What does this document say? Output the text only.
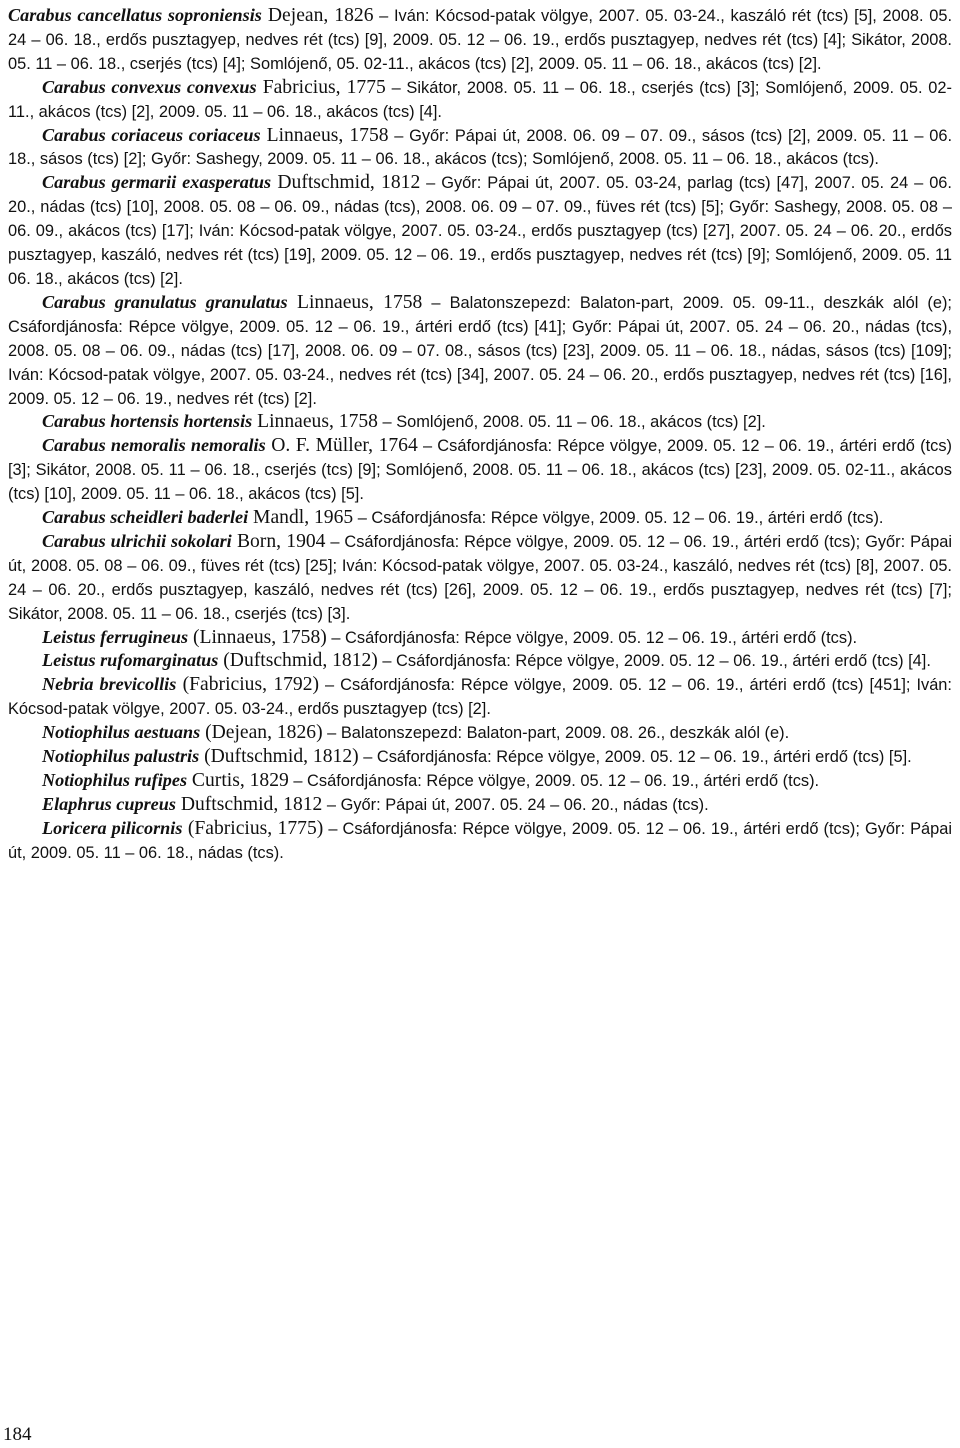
Carabus cancellatus soproniensis Dejean, 1826 – Iván: Kócsod-patak völgye, 2007. 05. 03-24., kaszáló rét (tcs) [5], 2008. 05. 24 – 06. 18., erdős pusztagyep, nedves rét (tcs) [9], 2009. 05. 12 – 06. 19., erdős pusztagyep, nedves rét (tcs) [4]; Sikátor, 2008. 05. 11 – 06. 18., cserjés (tcs) [4]; Somlójenő, 05. 02-11., akácos (tcs) [2], 2009. 05. 11 – 06. 18., akácos (tcs) [2].

Carabus convexus convexus Fabricius, 1775 – Sikátor, 2008. 05. 11 – 06. 18., cserjés (tcs) [3]; Somlójenő, 2009. 05. 02-11., akácos (tcs) [2], 2009. 05. 11 – 06. 18., akácos (tcs) [4].

Carabus coriaceus coriaceus Linnaeus, 1758 – Győr: Pápai út, 2008. 06. 09 – 07. 09., sásos (tcs) [2], 2009. 05. 11 – 06. 18., sásos (tcs) [2]; Győr: Sashegy, 2009. 05. 11 – 06. 18., akácos (tcs); Somlójenő, 2008. 05. 11 – 06. 18., akácos (tcs).

Carabus germarii exasperatus Duftschmid, 1812 – Győr: Pápai út, 2007. 05. 03-24, parlag (tcs) [47], 2007. 05. 24 – 06. 20., nádas (tcs) [10], 2008. 05. 08 – 06. 09., nádas (tcs), 2008. 06. 09 – 07. 09., füves rét (tcs) [5]; Győr: Sashegy, 2008. 05. 08 – 06. 09., akácos (tcs) [17]; Iván: Kócsod-patak völgye, 2007. 05. 03-24., erdős pusztagyep (tcs) [27], 2007. 05. 24 – 06. 20., erdős pusztagyep, kaszáló, nedves rét (tcs) [19], 2009. 05. 12 – 06. 19., erdős pusztagyep, nedves rét (tcs) [9]; Somlójenő, 2009. 05. 11 06. 18., akácos (tcs) [2].

Carabus granulatus granulatus Linnaeus, 1758 – Balatonszepezd: Balaton-part, 2009. 05. 09-11., deszkák alól (e); Csáfordjánosfa: Répce völgye, 2009. 05. 12 – 06. 19., ártéri erdő (tcs) [41]; Győr: Pápai út, 2007. 05. 24 – 06. 20., nádas (tcs), 2008. 05. 08 – 06. 09., nádas (tcs) [17], 2008. 06. 09 – 07. 08., sásos (tcs) [23], 2009. 05. 11 – 06. 18., nádas, sásos (tcs) [109]; Iván: Kócsod-patak völgye, 2007. 05. 03-24., nedves rét (tcs) [34], 2007. 05. 24 – 06. 20., erdős pusztagyep, nedves rét (tcs) [16], 2009. 05. 12 – 06. 19., nedves rét (tcs) [2].

Carabus hortensis hortensis Linnaeus, 1758 – Somlójenő, 2008. 05. 11 – 06. 18., akácos (tcs) [2].

Carabus nemoralis nemoralis O. F. Müller, 1764 – Csáfordjánosfa: Répce völgye, 2009. 05. 12 – 06. 19., ártéri erdő (tcs) [3]; Sikátor, 2008. 05. 11 – 06. 18., cserjés (tcs) [9]; Somlójenő, 2008. 05. 11 – 06. 18., akácos (tcs) [23], 2009. 05. 02-11., akácos (tcs) [10], 2009. 05. 11 – 06. 18., akácos (tcs) [5].

Carabus scheidleri baderlei Mandl, 1965 – Csáfordjánosfa: Répce völgye, 2009. 05. 12 – 06. 19., ártéri erdő (tcs).

Carabus ulrichii sokolari Born, 1904 – Csáfordjánosfa: Répce völgye, 2009. 05. 12 – 06. 19., ártéri erdő (tcs); Győr: Pápai út, 2008. 05. 08 – 06. 09., füves rét (tcs) [25]; Iván: Kócsod-patak völgye, 2007. 05. 03-24., kaszáló, nedves rét (tcs) [8], 2007. 05. 24 – 06. 20., erdős pusztagyep, kaszáló, nedves rét (tcs) [26], 2009. 05. 12 – 06. 19., erdős pusztagyep, nedves rét (tcs) [7]; Sikátor, 2008. 05. 11 – 06. 18., cserjés (tcs) [3].

Leistus ferrugineus (Linnaeus, 1758) – Csáfordjánosfa: Répce völgye, 2009. 05. 12 – 06. 19., ártéri erdő (tcs).

Leistus rufomarginatus (Duftschmid, 1812) – Csáfordjánosfa: Répce völgye, 2009. 05. 12 – 06. 19., ártéri erdő (tcs) [4].

Nebria brevicollis (Fabricius, 1792) – Csáfordjánosfa: Répce völgye, 2009. 05. 12 – 06. 19., ártéri erdő (tcs) [451]; Iván: Kócsod-patak völgye, 2007. 05. 03-24., erdős pusztagyep (tcs) [2].

Notiophilus aestuans (Dejean, 1826) – Balatonszepezd: Balaton-part, 2009. 08. 26., deszkák alól (e).

Notiophilus palustris (Duftschmid, 1812) – Csáfordjánosfa: Répce völgye, 2009. 05. 12 – 06. 19., ártéri erdő (tcs) [5].

Notiophilus rufipes Curtis, 1829 – Csáfordjánosfa: Répce völgye, 2009. 05. 12 – 06. 19., ártéri erdő (tcs).

Elaphrus cupreus Duftschmid, 1812 – Győr: Pápai út, 2007. 05. 24 – 06. 20., nádas (tcs).

Loricera pilicornis (Fabricius, 1775) – Csáfordjánosfa: Répce völgye, 2009. 05. 12 – 06. 19., ártéri erdő (tcs); Győr: Pápai út, 2009. 05. 11 – 06. 18., nádas (tcs).

184
